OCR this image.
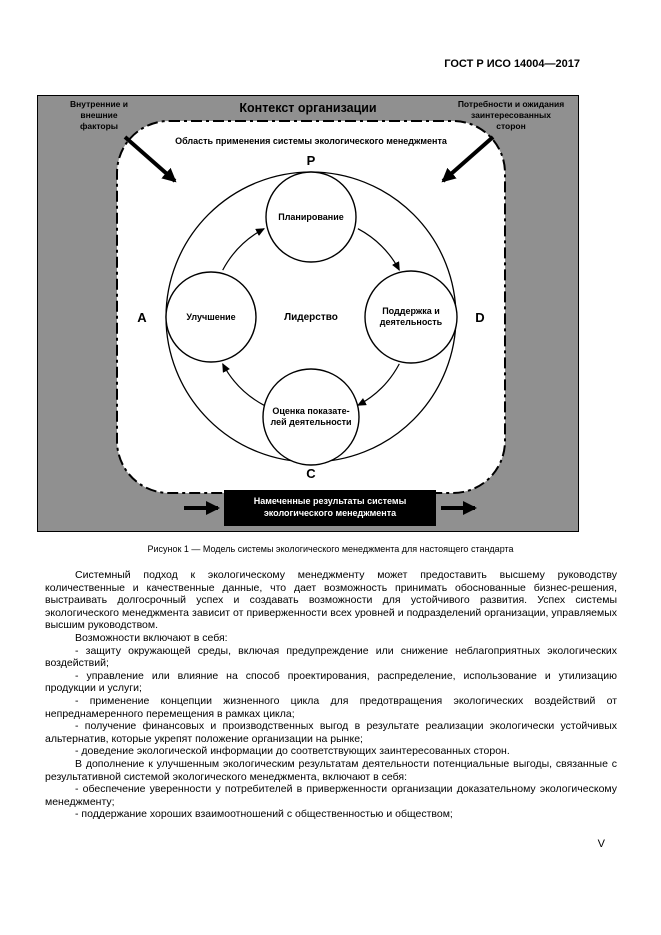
ГОСТ Р ИСО 14004—2017
Контекст организации
Внутренние и
внешние
факторы
Потребности и ожидания
заинтересованных
сторон
Область применения системы экологического менеджмента
P
D
C
A
Планирование
Поддержка и
деятельность
Оценка показате-
лей деятельности
Улучшение	Лидерство
Намеченные результаты системы
экологического менеджмента
Рисунок 1 — Модель системы экологического менеджмента для настоящего стандарта

Системный подход к экологическому менеджменту может предоставить высшему руководству количественные и качественные данные, что дает возможность принимать обоснованные бизнес-решения, выстраивать долгосрочный успех и создавать возможности для устойчивого развития. Успех системы экологического менеджмента зависит от приверженности всех уровней и подразделений организации, управляемых высшим руководством.

Возможности включают в себя:

- защиту окружающей среды, включая предупреждение или снижение неблагоприятных экологических воздействий;

- управление или влияние на способ проектирования, распределение, использование и утилизацию продукции и услуги;

- применение концепции жизненного цикла для предотвращения экологических воздействий от непреднамеренного перемещения в рамках цикла;

- получение финансовых и производственных выгод в результате реализации экологически устойчивых альтернатив, которые укрепят положение организации на рынке;

- доведение экологической информации до соответствующих заинтересованных сторон.

В дополнение к улучшенным экологическим результатам деятельности потенциальные выгоды, связанные с результативной системой экологического менеджмента, включают в себя:

- обеспечение уверенности у потребителей в приверженности организации доказательному экологическому менеджменту;

- поддержание хороших взаимоотношений с общественностью и обществом;

V
